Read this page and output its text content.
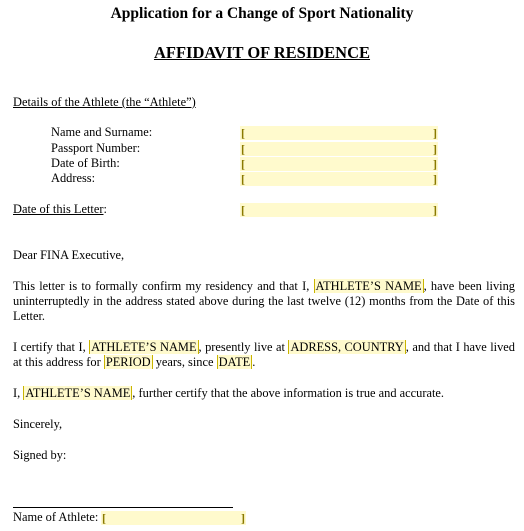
Application for a Change of Sport Nationality
AFFIDAVIT OF RESIDENCE
Details of the Athlete (the “Athlete”)
Name and Surname:	[	]
Passport Number:	[	]
Date of Birth:	[	]
Address:	[	]
Date of this Letter:	[	]
Dear FINA Executive,
This letter is to formally confirm my residency and that I, ATHLETE’S NAME , have been living uninterruptedly in the address stated above during the last twelve (12) months from the Date of this Letter.
I certify that I, ATHLETE’S NAME , presently live at ADRESS, COUNTRY , and that I have lived at this address for PERIOD years, since DATE .
I, ATHLETE’S NAME , further certify that the above information is true and accurate.
Sincerely,
Signed by:
Name of Athlete: [	]
